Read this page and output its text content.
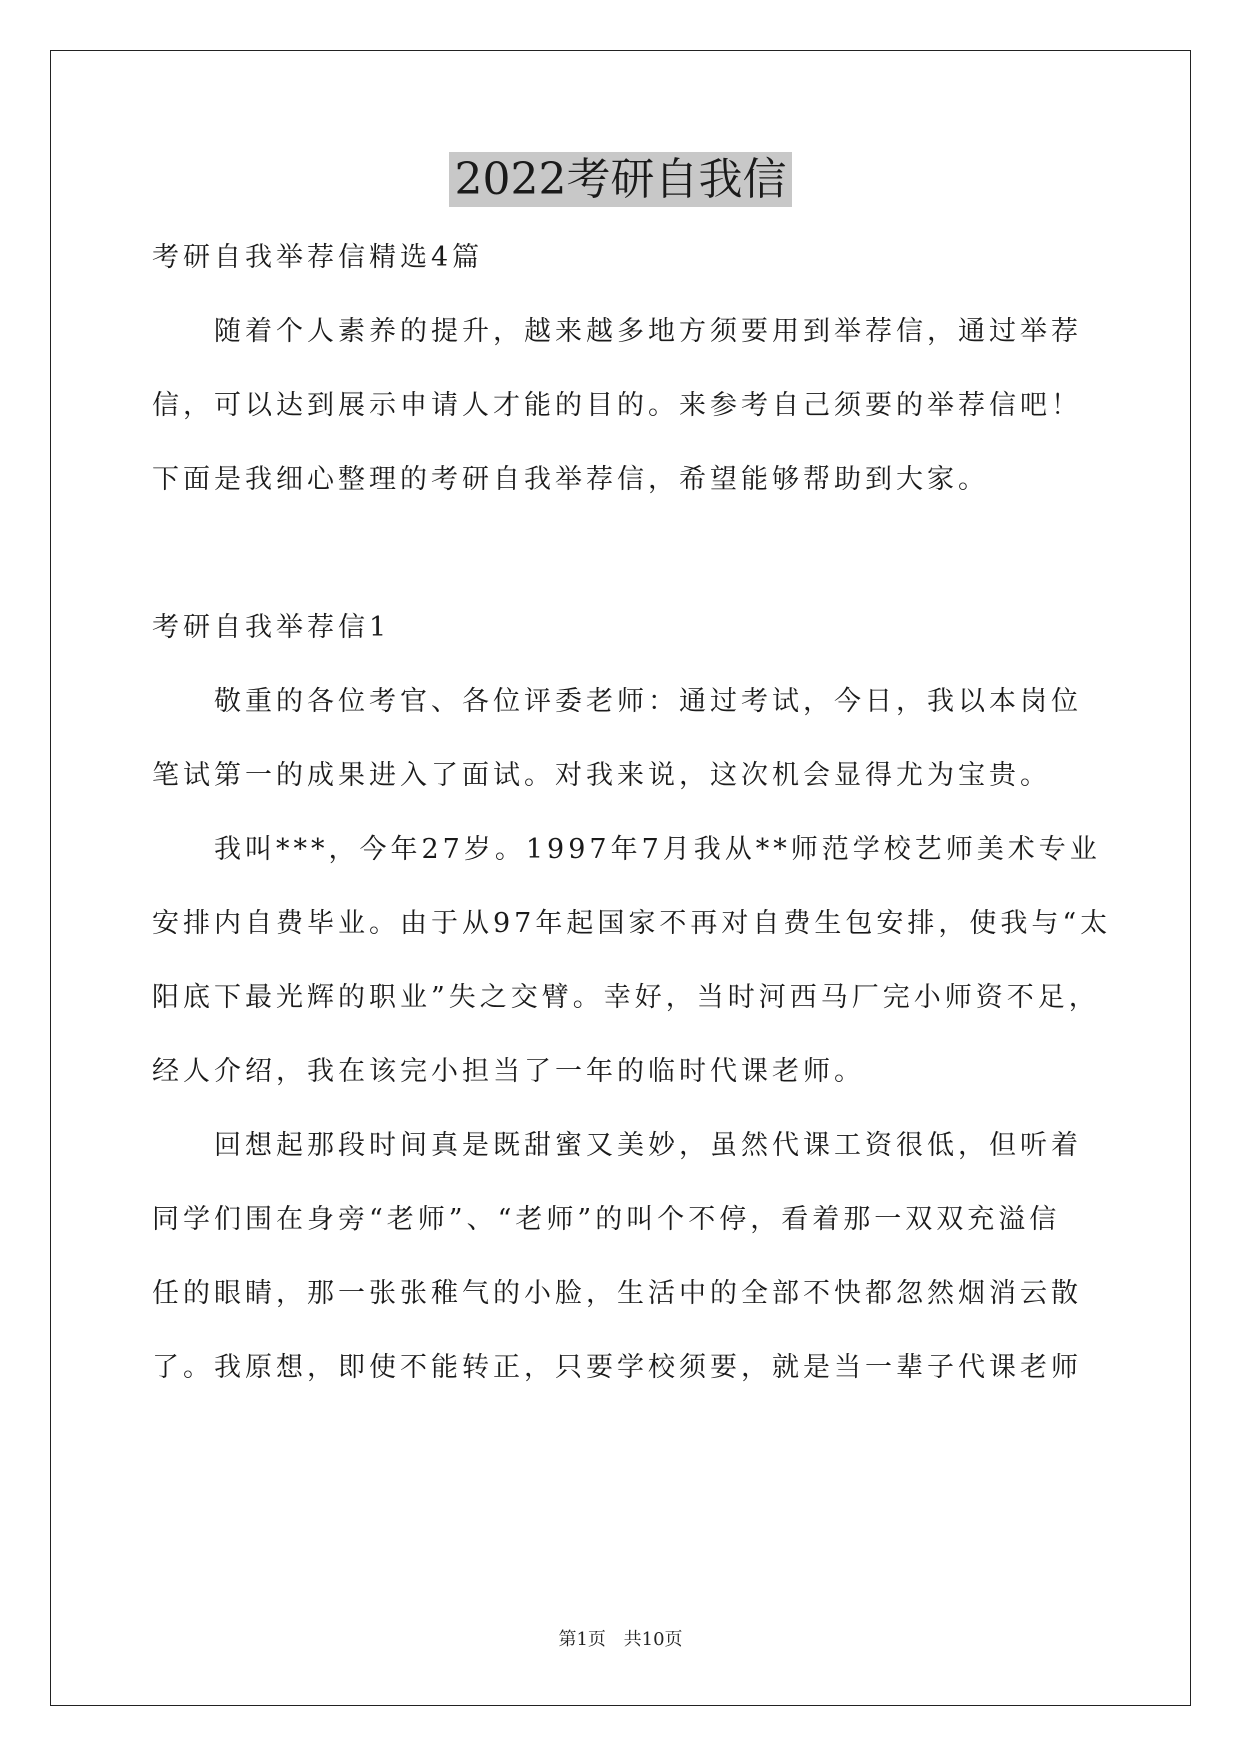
2022考研自我信

考研自我举荐信精选4篇

随着个人素养的提升，越来越多地方须要用到举荐信，通过举荐

信，可以达到展示申请人才能的目的。来参考自己须要的举荐信吧！

下面是我细心整理的考研自我举荐信，希望能够帮助到大家。

考研自我举荐信1

敬重的各位考官、各位评委老师：通过考试，今日，我以本岗位

笔试第一的成果进入了面试。对我来说，这次机会显得尤为宝贵。

我叫***，今年27岁。1997年7月我从**师范学校艺师美术专业

安排内自费毕业。由于从97年起国家不再对自费生包安排，使我与“太

阳底下最光辉的职业”失之交臂。幸好，当时河西马厂完小师资不足，

经人介绍，我在该完小担当了一年的临时代课老师。

回想起那段时间真是既甜蜜又美妙，虽然代课工资很低，但听着

同学们围在身旁“老师”、“老师”的叫个不停，看着那一双双充溢信

任的眼睛，那一张张稚气的小脸，生活中的全部不快都忽然烟消云散

了。我原想，即使不能转正，只要学校须要，就是当一辈子代课老师

第1页 共10页
